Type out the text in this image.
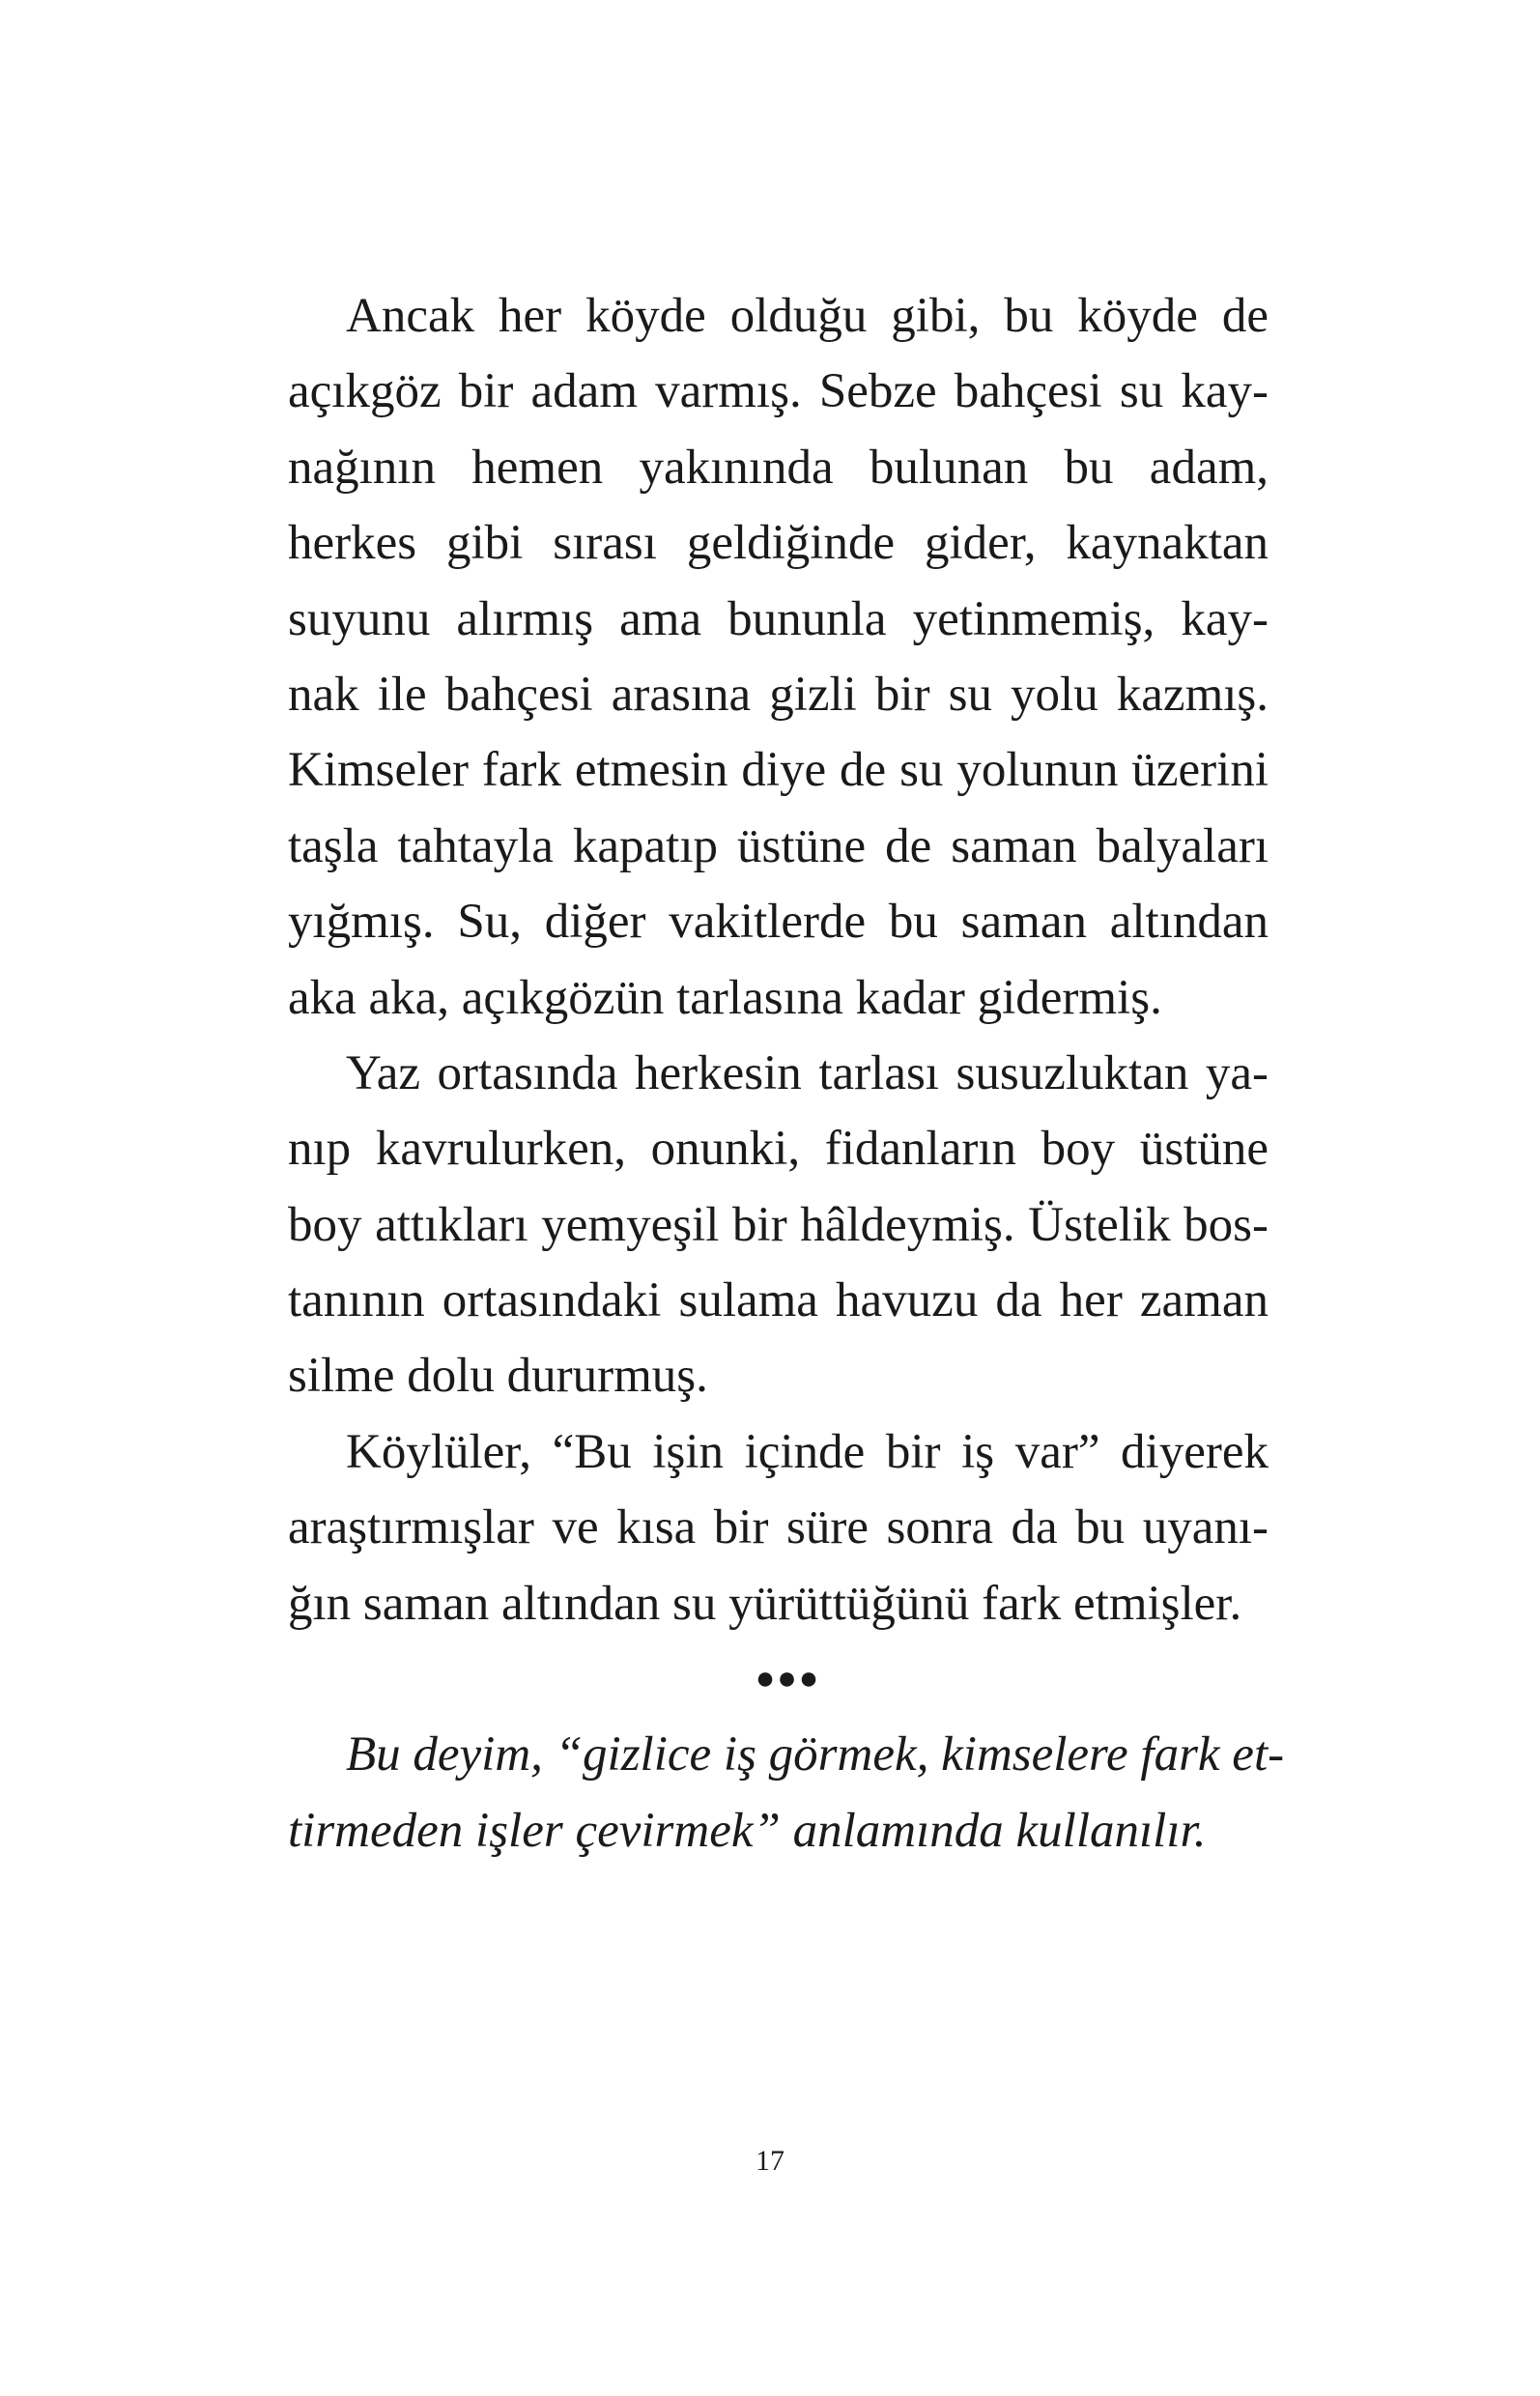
Ancak her köyde olduğu gibi, bu köyde de
açıkgöz bir adam varmış. Sebze bahçesi su kay-
nağının hemen yakınında bulunan bu adam,
herkes gibi sırası geldiğinde gider, kaynaktan
suyunu alırmış ama bununla yetinmemiş, kay-
nak ile bahçesi arasına gizli bir su yolu kazmış.
Kimseler fark etmesin diye de su yolunun üzerini
taşla tahtayla kapatıp üstüne de saman balyaları
yığmış. Su, diğer vakitlerde bu saman altından
aka aka, açıkgözün tarlasına kadar gidermiş.
Yaz ortasında herkesin tarlası susuzluktan ya-
nıp kavrulurken, onunki, fidanların boy üstüne
boy attıkları yemyeşil bir hâldeymiş. Üstelik bos-
tanının ortasındaki sulama havuzu da her zaman
silme dolu dururmuş.
Köylüler, “Bu işin içinde bir iş var” diyerek
araştırmışlar ve kısa bir süre sonra da bu uyanı-
ğın saman altından su yürüttüğünü fark etmişler.
●●●
Bu deyim, “gizlice iş görmek, kimselere fark et-
tirmeden işler çevirmek” anlamında kullanılır.
17
